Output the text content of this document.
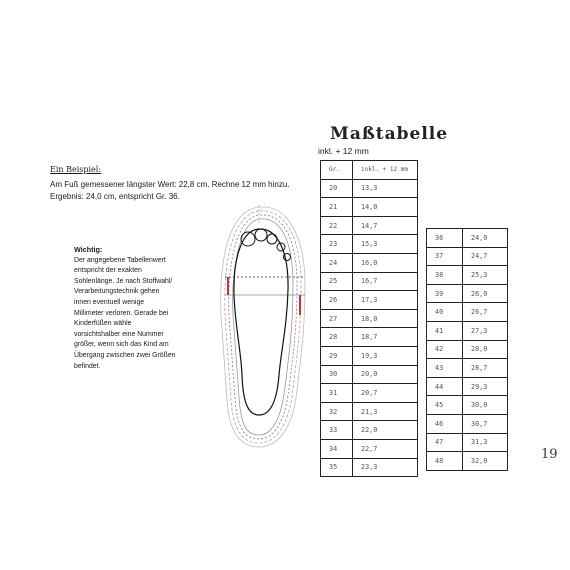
Maßtabelle
inkl. + 12 mm
Ein Beispiel:
Am Fuß gemessener längster Wert: 22,8 cm. Rechne 12 mm hinzu.
Ergebnis: 24,0 cm, entspricht Gr. 36.
Wichtig:
Der angegebene Tabellenwert
entspricht der exakten
Sohlenlänge. Je nach Stoffwahl/
Verarbeitungstechnik gehen
innen eventuell wenige
Millimeter verloren. Gerade bei
Kinderfüßen wähle
vorsichtshalber eine Nummer
größer, wenn sich das Kind am
Übergang zwischen zwei Größen
befindet.
Gr.	inkl. + 12 mm
20	13,3
21	14,0
22	14,7
23	15,3
24	16,0
25	16,7
26	17,3
27	18,0
28	18,7
29	19,3
30	20,0
31	20,7
32	21,3
33	22,0
34	22,7
35	23,3
36	24,0
37	24,7
38	25,3
39	26,0
40	26,7
41	27,3
42	28,0
43	28,7
44	29,3
45	30,0
46	30,7
47	31,3
48	32,0	19
